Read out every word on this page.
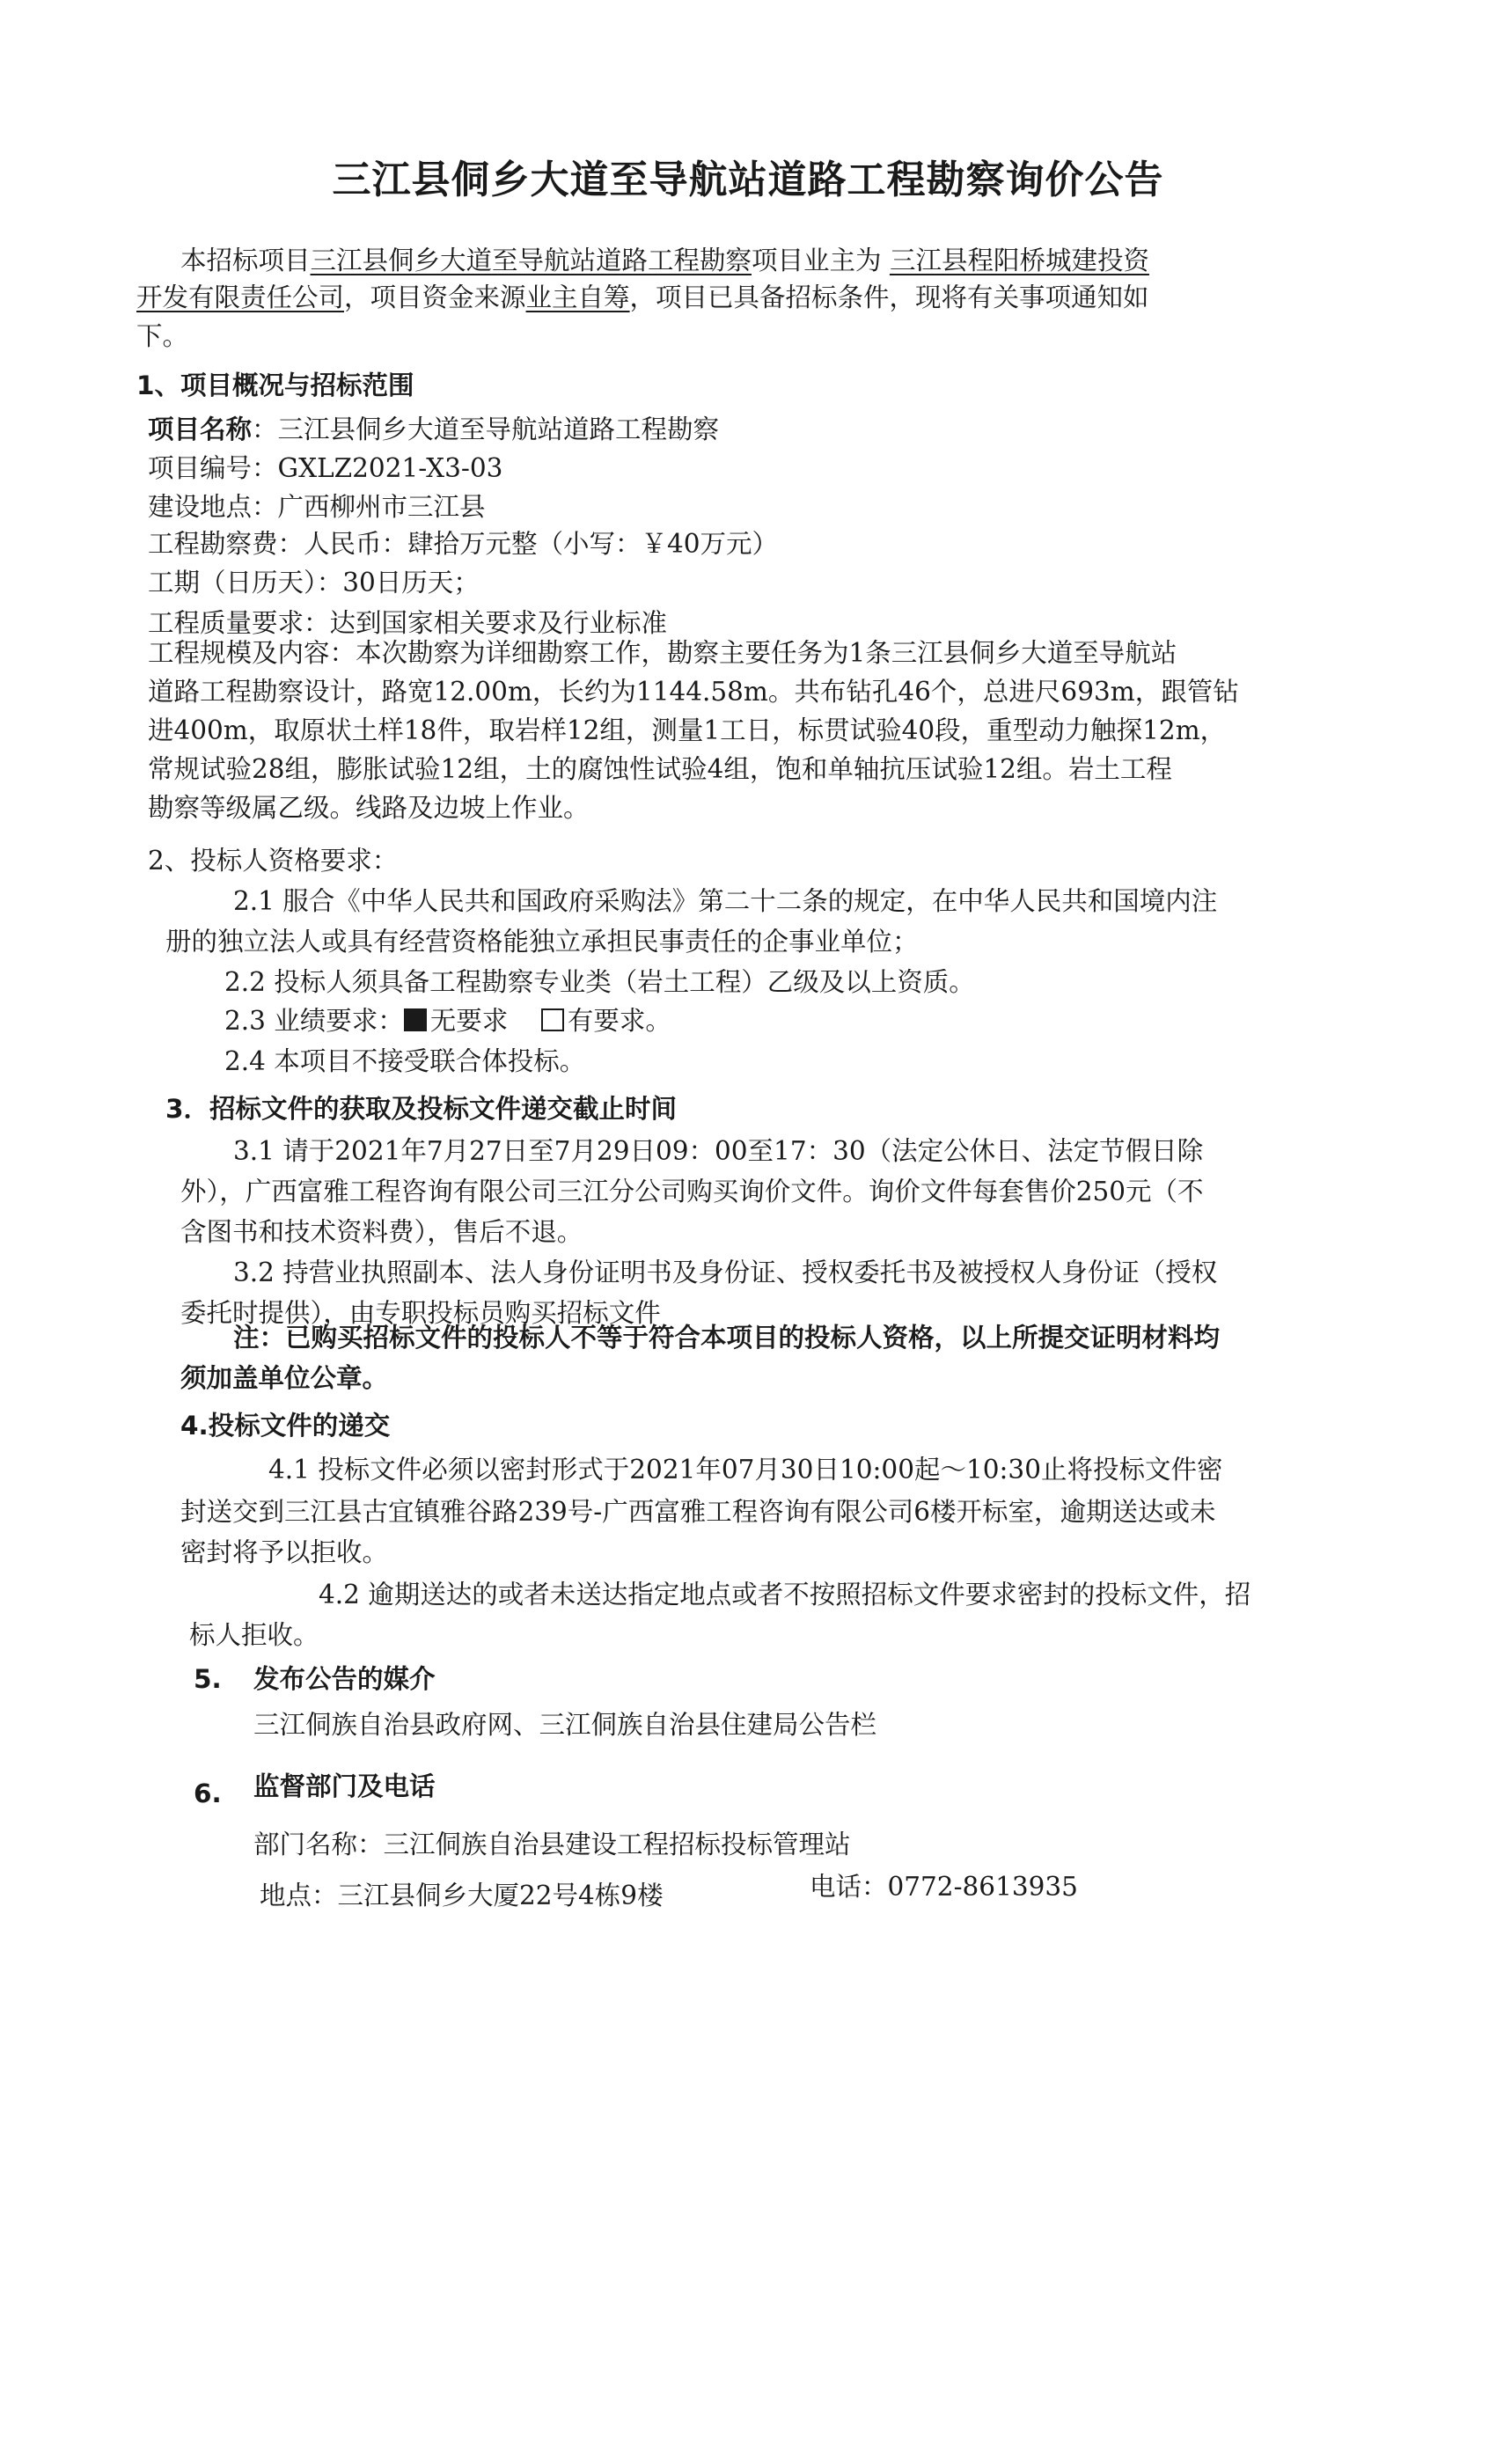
三江县侗乡大道至导航站道路工程勘察询价公告
本招标项目三江县侗乡大道至导航站道路工程勘察项目业主为 三江县程阳桥城建投资
开发有限责任公司，项目资金来源业主自筹，项目已具备招标条件，现将有关事项通知如
下。
1、项目概况与招标范围
项目名称：三江县侗乡大道至导航站道路工程勘察
项目编号：GXLZ2021-X3-03
建设地点：广西柳州市三江县
工程勘察费：人民币：肆拾万元整（小写：￥40万元）
工期（日历天）：30日历天；
工程质量要求：达到国家相关要求及行业标准
工程规模及内容：本次勘察为详细勘察工作，勘察主要任务为1条三江县侗乡大道至导航站
道路工程勘察设计，路宽12.00m，长约为1144.58m。共布钻孔46个，总进尺693m，跟管钻
进400m，取原状土样18件，取岩样12组，测量1工日，标贯试验40段，重型动力触探12m，
常规试验28组，膨胀试验12组，土的腐蚀性试验4组，饱和单轴抗压试验12组。岩土工程
勘察等级属乙级。线路及边坡上作业。
2、投标人资格要求：
2.1 服合《中华人民共和国政府采购法》第二十二条的规定，在中华人民共和国境内注
册的独立法人或具有经营资格能独立承担民事责任的企事业单位；
2.2 投标人须具备工程勘察专业类（岩土工程）乙级及以上资质。
2.3 业绩要求： 无要求 有要求。
2.4 本项目不接受联合体投标。
3．招标文件的获取及投标文件递交截止时间
3.1 请于2021年7月27日至7月29日09：00至17：30（法定公休日、法定节假日除
外），广西富雅工程咨询有限公司三江分公司购买询价文件。询价文件每套售价250元（不
含图书和技术资料费），售后不退。
3.2 持营业执照副本、法人身份证明书及身份证、授权委托书及被授权人身份证（授权
委托时提供），由专职投标员购买招标文件
注：已购买招标文件的投标人不等于符合本项目的投标人资格，以上所提交证明材料均
须加盖单位公章。
4.投标文件的递交
4.1 投标文件必须以密封形式于2021年07月30日10:00起～10:30止将投标文件密
封送交到三江县古宜镇雅谷路239号-广西富雅工程咨询有限公司6楼开标室，逾期送达或未
密封将予以拒收。
4.2 逾期送达的或者未送达指定地点或者不按照招标文件要求密封的投标文件，招
标人拒收。
5. 发布公告的媒介
三江侗族自治县政府网、三江侗族自治县住建局公告栏
6. 监督部门及电话
部门名称：三江侗族自治县建设工程招标投标管理站
地点：三江县侗乡大厦22号4栋9楼	电话：0772-8613935
